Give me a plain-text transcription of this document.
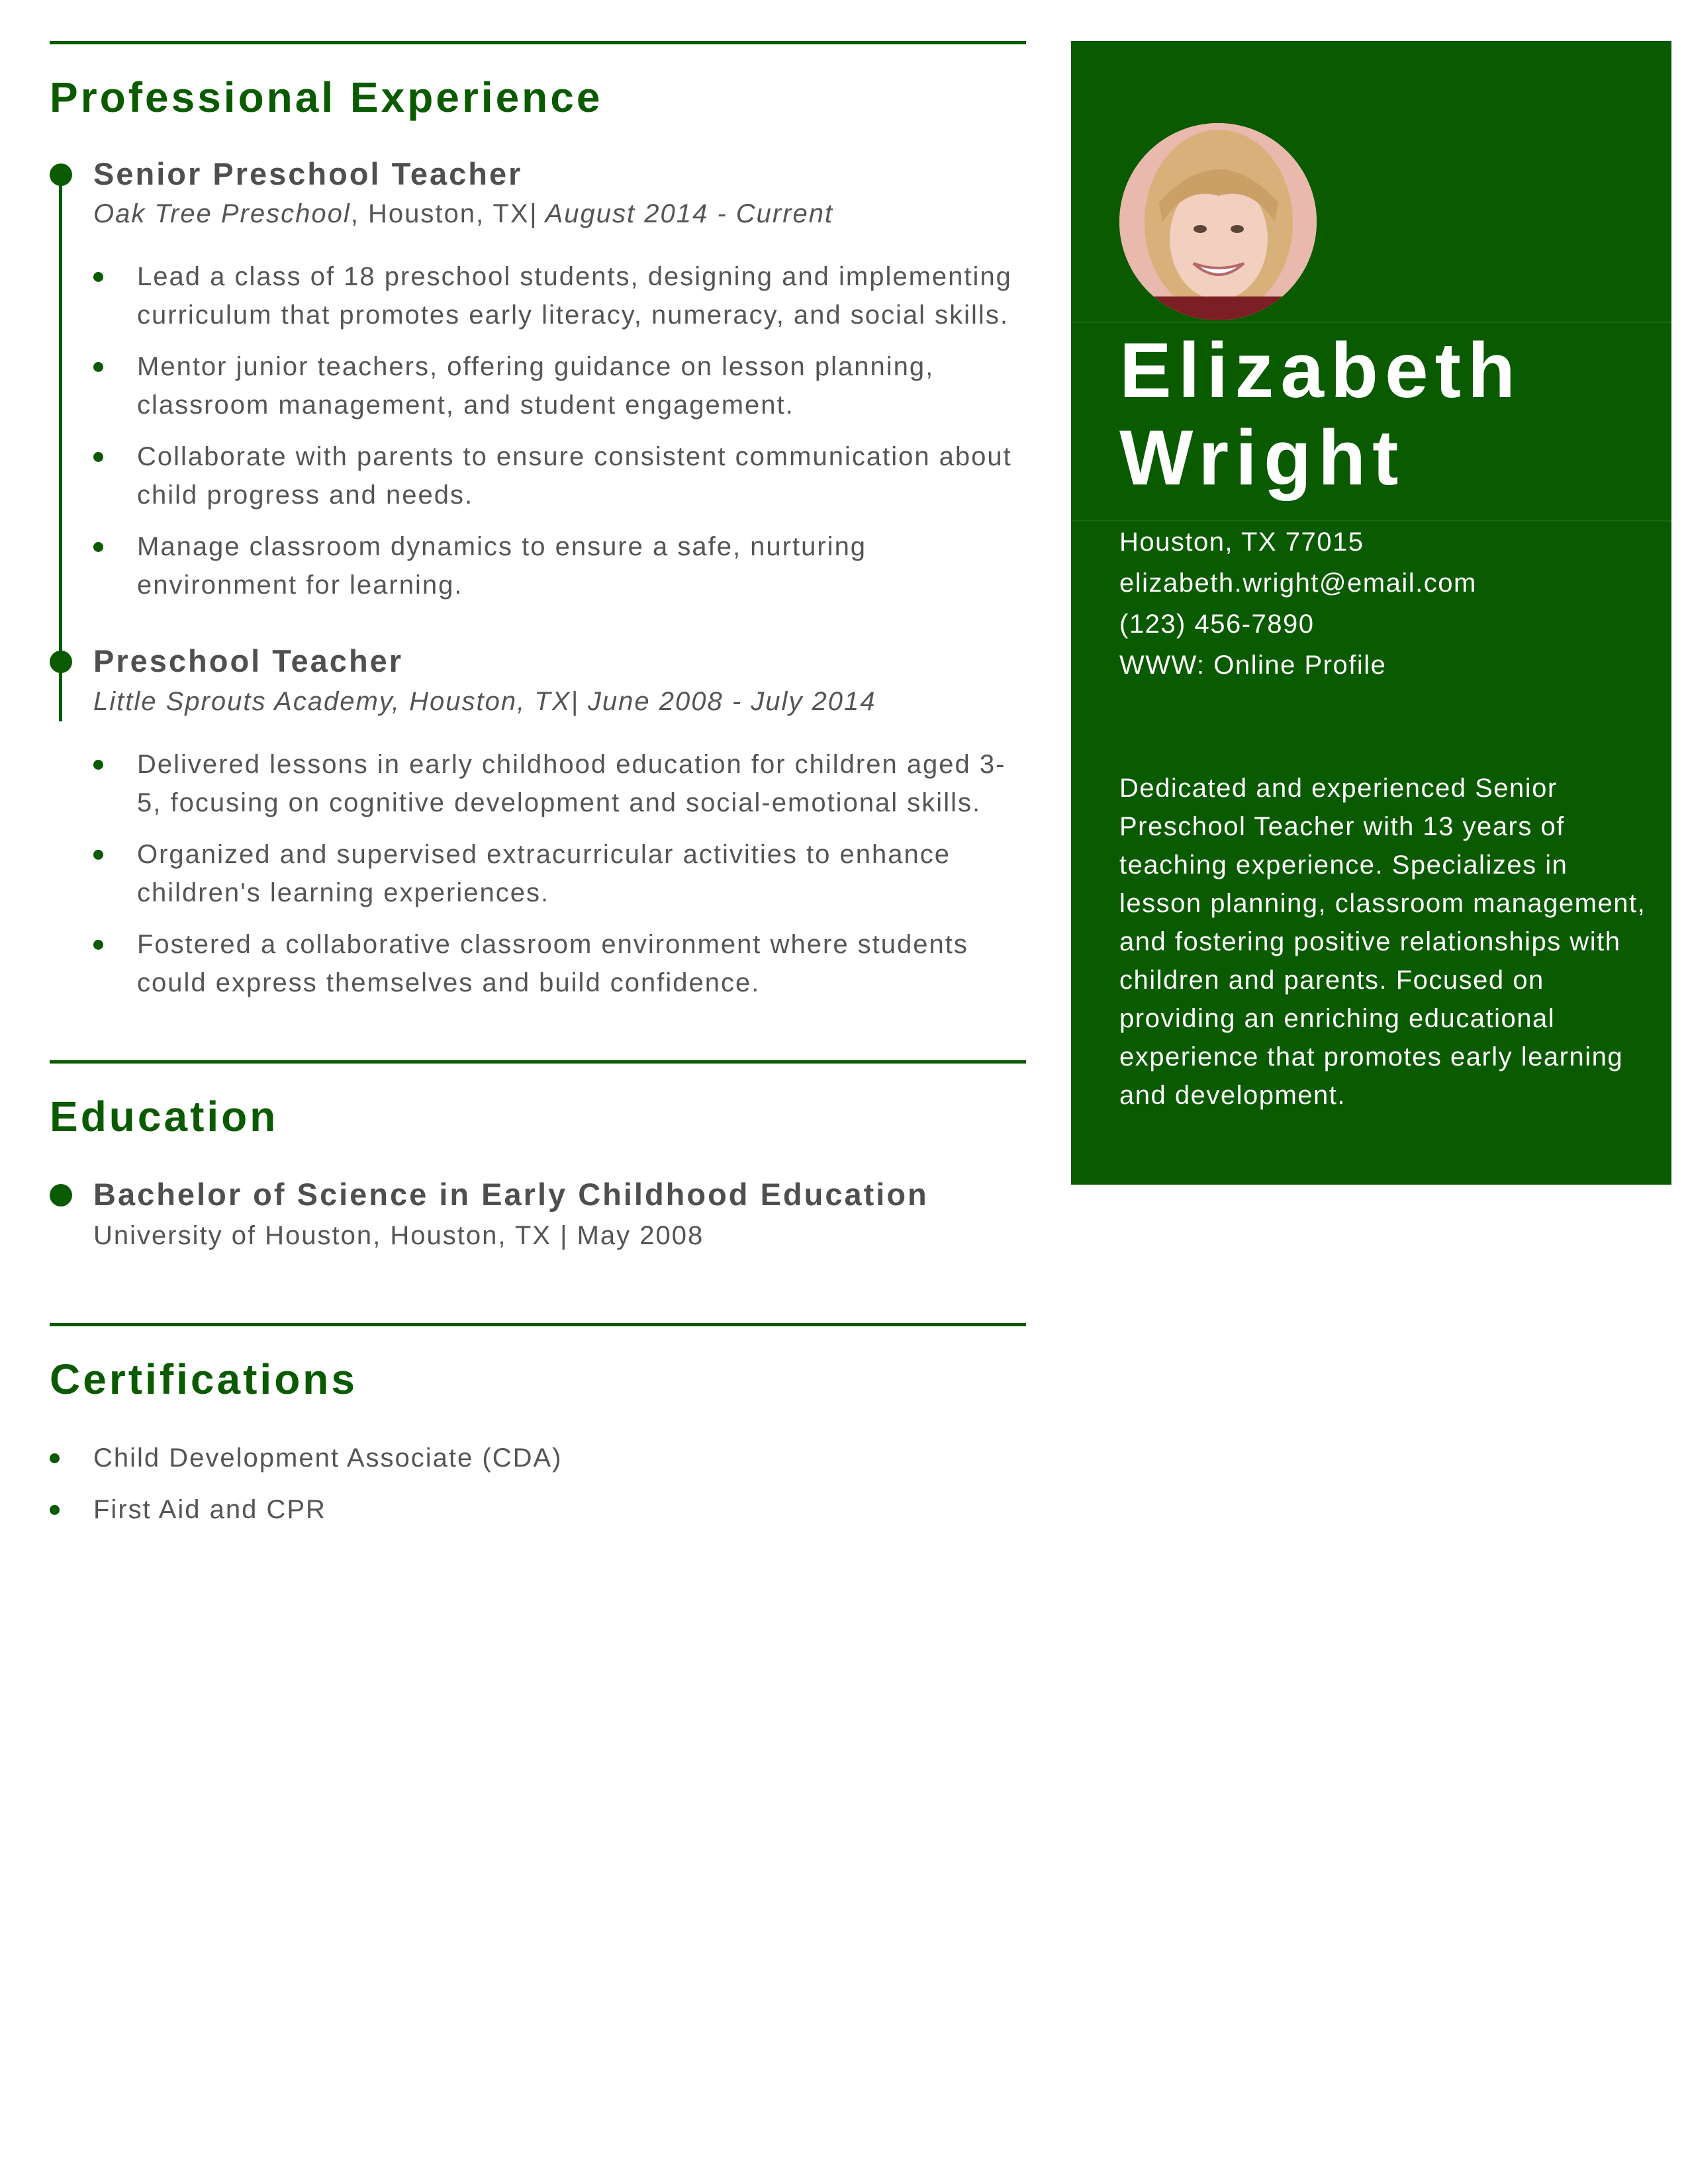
Professional Experience
Senior Preschool Teacher
Oak Tree Preschool, Houston, TX| August 2014 - Current
Lead a class of 18 preschool students, designing and implementing curriculum that promotes early literacy, numeracy, and social skills.
Mentor junior teachers, offering guidance on lesson planning, classroom management, and student engagement.
Collaborate with parents to ensure consistent communication about child progress and needs.
Manage classroom dynamics to ensure a safe, nurturing environment for learning.
Preschool Teacher
Little Sprouts Academy, Houston, TX| June 2008 - July 2014
Delivered lessons in early childhood education for children aged 3-5, focusing on cognitive development and social-emotional skills.
Organized and supervised extracurricular activities to enhance children's learning experiences.
Fostered a collaborative classroom environment where students could express themselves and build confidence.
Education
Bachelor of Science in Early Childhood Education
University of Houston, Houston, TX | May 2008
Certifications
Child Development Associate (CDA)
First Aid and CPR
Elizabeth
Wright
Houston, TX 77015
elizabeth.wright@email.com
(123) 456-7890
WWW: Online Profile

Dedicated and experienced Senior Preschool Teacher with 13 years of teaching experience. Specializes in lesson planning, classroom management, and fostering positive relationships with children and parents. Focused on providing an enriching educational experience that promotes early learning and development.
